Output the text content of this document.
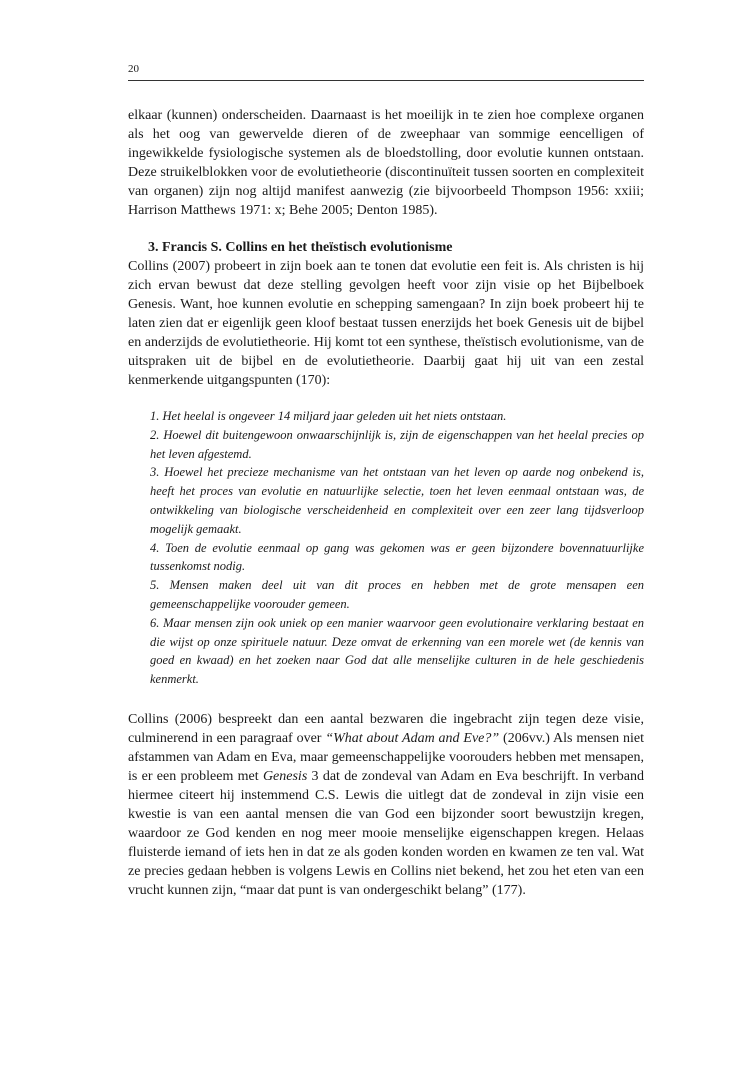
20

elkaar (kunnen) onderscheiden. Daarnaast is het moeilijk in te zien hoe complexe organen als het oog van gewervelde dieren of de zweephaar van sommige eencelligen of ingewikkelde fysiologische systemen als de bloedstolling, door evolutie kunnen ontstaan. Deze struikelblokken voor de evolutietheorie (discontinuïteit tussen soorten en complexiteit van organen) zijn nog altijd manifest aanwezig (zie bijvoorbeeld Thompson 1956: xxiii; Harrison Matthews 1971: x; Behe 2005; Denton 1985).

3. Francis S. Collins en het theïstisch evolutionisme

Collins (2007) probeert in zijn boek aan te tonen dat evolutie een feit is. Als christen is hij zich ervan bewust dat deze stelling gevolgen heeft voor zijn visie op het Bijbelboek Genesis. Want, hoe kunnen evolutie en schepping samengaan? In zijn boek probeert hij te laten zien dat er eigenlijk geen kloof bestaat tussen enerzijds het boek Genesis uit de bijbel en anderzijds de evolutietheorie. Hij komt tot een synthese, theïstisch evolutionisme, van de uitspraken uit de bijbel en de evolutietheorie. Daarbij gaat hij uit van een zestal kenmerkende uitgangspunten (170):

1. Het heelal is ongeveer 14 miljard jaar geleden uit het niets ontstaan.

2. Hoewel dit buitengewoon onwaarschijnlijk is, zijn de eigenschappen van het heelal precies op het leven afgestemd.

3. Hoewel het precieze mechanisme van het ontstaan van het leven op aarde nog onbekend is, heeft het proces van evolutie en natuurlijke selectie, toen het leven eenmaal ontstaan was, de ontwikkeling van biologische verscheidenheid en complexiteit over een zeer lang tijdsverloop mogelijk gemaakt.

4. Toen de evolutie eenmaal op gang was gekomen was er geen bijzondere bovennatuurlijke tussenkomst nodig.

5. Mensen maken deel uit van dit proces en hebben met de grote mensapen een gemeenschappelijke voorouder gemeen.

6. Maar mensen zijn ook uniek op een manier waarvoor geen evolutionaire verklaring bestaat en die wijst op onze spirituele natuur. Deze omvat de erkenning van een morele wet (de kennis van goed en kwaad) en het zoeken naar God dat alle menselijke culturen in de hele geschiedenis kenmerkt.

Collins (2006) bespreekt dan een aantal bezwaren die ingebracht zijn tegen deze visie, culminerend in een paragraaf over “What about Adam and Eve?” (206vv.) Als mensen niet afstammen van Adam en Eva, maar gemeenschappelijke voorouders hebben met mensapen, is er een probleem met Genesis 3 dat de zondeval van Adam en Eva beschrijft. In verband hiermee citeert hij instemmend C.S. Lewis die uitlegt dat de zondeval in zijn visie een kwestie is van een aantal mensen die van God een bijzonder soort bewustzijn kregen, waardoor ze God kenden en nog meer mooie menselijke eigenschappen kregen. Helaas fluisterde iemand of iets hen in dat ze als goden konden worden en kwamen ze ten val. Wat ze precies gedaan hebben is volgens Lewis en Collins niet bekend, het zou het eten van een vrucht kunnen zijn, “maar dat punt is van ondergeschikt belang” (177).
